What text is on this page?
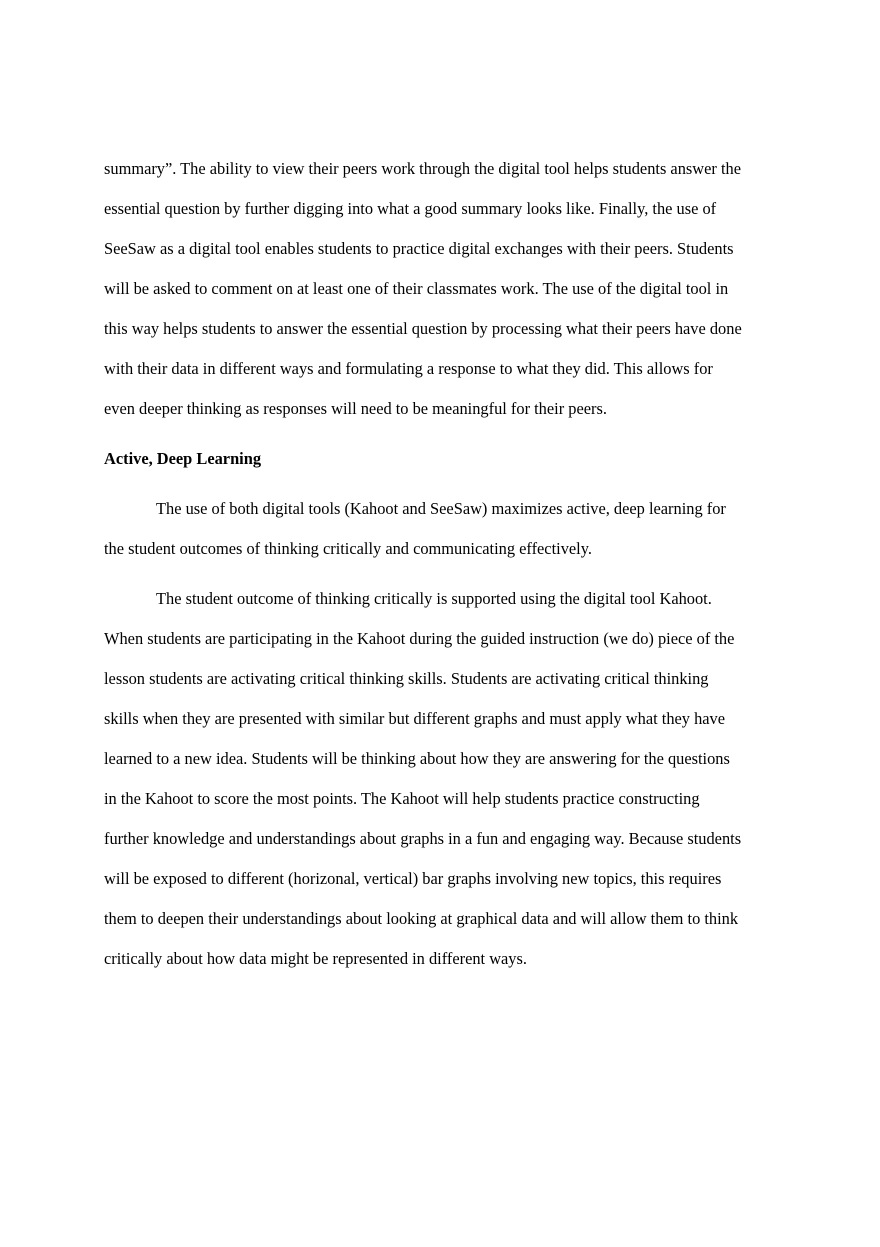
summary”. The ability to view their peers work through the digital tool helps students answer the
essential question by further digging into what a good summary looks like. Finally, the use of
SeeSaw as a digital tool enables students to practice digital exchanges with their peers. Students
will be asked to comment on at least one of their classmates work. The use of the digital tool in
this way helps students to answer the essential question by processing what their peers have done
with their data in different ways and formulating a response to what they did. This allows for
even deeper thinking as responses will need to be meaningful for their peers.
Active, Deep Learning
The use of both digital tools (Kahoot and SeeSaw) maximizes active, deep learning for
the student outcomes of thinking critically and communicating effectively.
The student outcome of thinking critically is supported using the digital tool Kahoot.
When students are participating in the Kahoot during the guided instruction (we do) piece of the
lesson students are activating critical thinking skills. Students are activating critical thinking
skills when they are presented with similar but different graphs and must apply what they have
learned to a new idea. Students will be thinking about how they are answering for the questions
in the Kahoot to score the most points. The Kahoot will help students practice constructing
further knowledge and understandings about graphs in a fun and engaging way. Because students
will be exposed to different (horizonal, vertical) bar graphs involving new topics, this requires
them to deepen their understandings about looking at graphical data and will allow them to think
critically about how data might be represented in different ways.
